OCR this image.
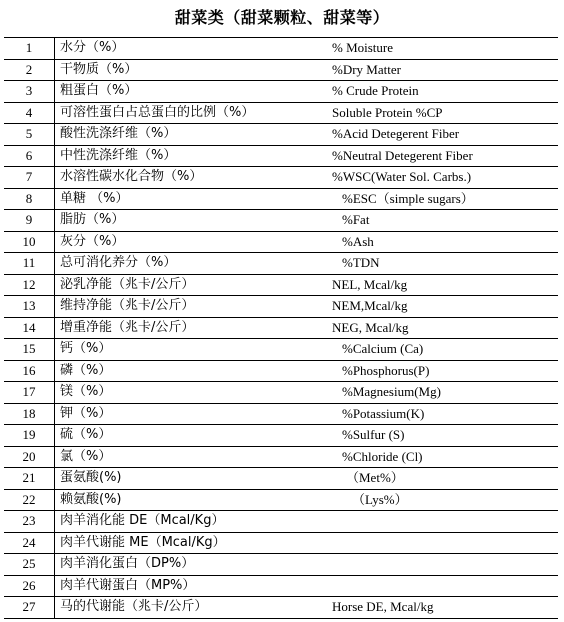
甜菜类（甜菜颗粒、甜菜等）
1	水分（%）	% Moisture
2	干物质（%）	%Dry Matter
3	粗蛋白（%）	% Crude Protein
4	可溶性蛋白占总蛋白的比例（%）	Soluble Protein %CP
5	酸性洗涤纤维（%）	%Acid Detegerent Fiber
6	中性洗涤纤维（%）	%Neutral Detegerent Fiber
7	水溶性碳水化合物（%）	%WSC(Water Sol. Carbs.)
8	单糖 （%）	%ESC（simple sugars）
9	脂肪（%）	%Fat
10	灰分（%）	%Ash
11	总可消化养分（%）	%TDN
12	泌乳净能（兆卡/公斤）	NEL, Mcal/kg
13	维持净能（兆卡/公斤）	NEM,Mcal/kg
14	增重净能（兆卡/公斤）	NEG, Mcal/kg
15	钙（%）	%Calcium (Ca)
16	磷（%）	%Phosphorus(P)
17	镁（%）	%Magnesium(Mg)
18	钾（%）	%Potassium(K)
19	硫（%）	%Sulfur (S)
20	氯（%）	%Chloride (Cl)
21	蛋氨酸(%)	（Met%）
22	赖氨酸(%)	（Lys%）
23	肉羊消化能 DE（Mcal/Kg）	
24	肉羊代谢能 ME（Mcal/Kg）	
25	肉羊消化蛋白（DP%）	
26	肉羊代谢蛋白（MP%）	
27	马的代谢能（兆卡/公斤）	Horse DE, Mcal/kg
